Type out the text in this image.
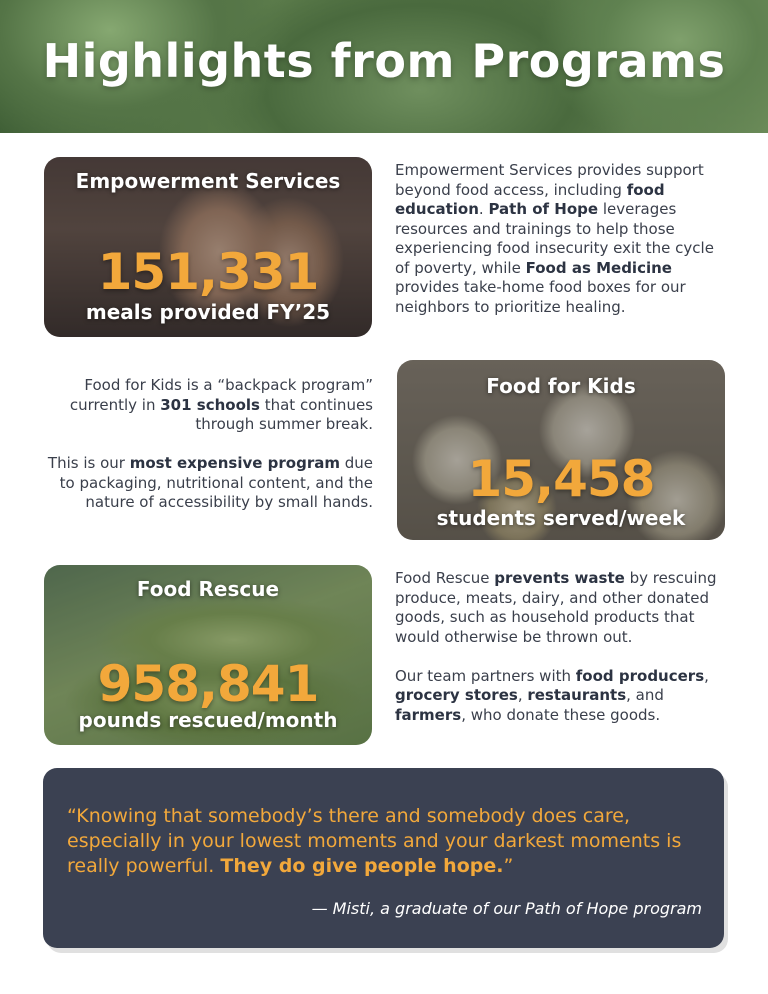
Highlights from Programs
Empowerment Services
151,331
meals provided FY’25
Empowerment Services provides support beyond food access, including food education. Path of Hope leverages resources and trainings to help those experiencing food insecurity exit the cycle of poverty, while Food as Medicine provides take-home food boxes for our neighbors to prioritize healing.

Food for Kids is a “backpack program” currently in 301 schools that continues through summer break.

This is our most expensive program due to packaging, nutritional content, and the nature of accessibility by small hands.

Food for Kids
15,458
students served/week
Food Rescue
958,841
pounds rescued/month

Food Rescue prevents waste by rescuing produce, meats, dairy, and other donated goods, such as household products that would otherwise be thrown out.

Our team partners with food producers, grocery stores, restaurants, and farmers, who donate these goods.

“Knowing that somebody’s there and somebody does care, especially in your lowest moments and your darkest moments is really powerful. They do give people hope.”
— Misti, a graduate of our Path of Hope program
